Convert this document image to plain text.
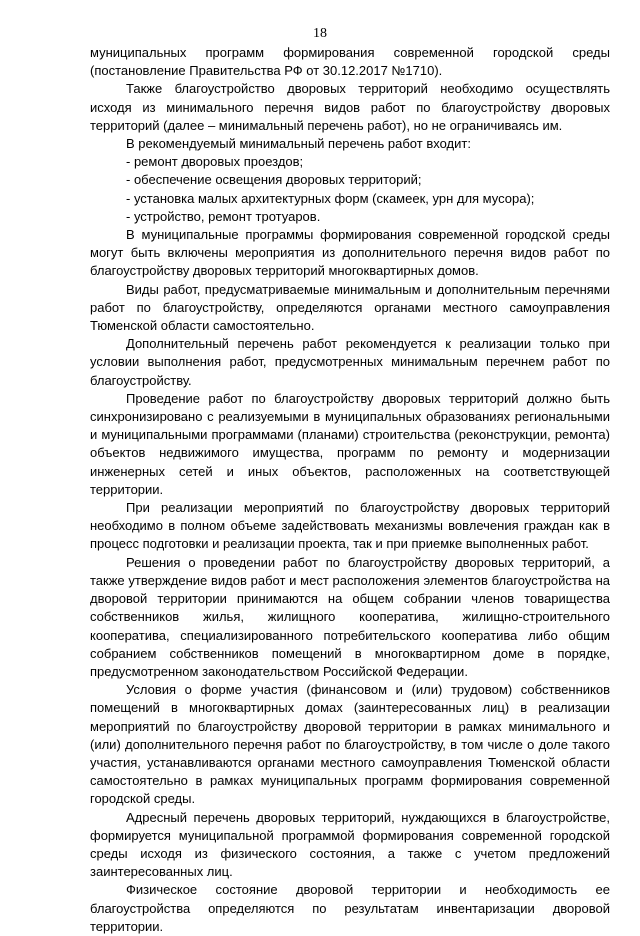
18

муниципальных программ формирования современной городской среды (постановление Правительства РФ от 30.12.2017 №1710).

Также благоустройство дворовых территорий необходимо осуществлять исходя из минимального перечня видов работ по благоустройству дворовых территорий (далее – минимальный перечень работ), но не ограничиваясь им.

В рекомендуемый минимальный перечень работ входит:

- ремонт дворовых проездов;

- обеспечение освещения дворовых территорий;

- установка малых архитектурных форм (скамеек, урн для мусора);

- устройство, ремонт тротуаров.

В муниципальные программы формирования современной городской среды могут быть включены мероприятия из дополнительного перечня видов работ по благоустройству дворовых территорий многоквартирных домов.

Виды работ, предусматриваемые минимальным и дополнительным перечнями работ по благоустройству, определяются органами местного самоуправления Тюменской области самостоятельно.

Дополнительный перечень работ рекомендуется к реализации только при условии выполнения работ, предусмотренных минимальным перечнем работ по благоустройству.

Проведение работ по благоустройству дворовых территорий должно быть синхронизировано с реализуемыми в муниципальных образованиях региональными и муниципальными программами (планами) строительства (реконструкции, ремонта) объектов недвижимого имущества, программ по ремонту и модернизации инженерных сетей и иных объектов, расположенных на соответствующей территории.

При реализации мероприятий по благоустройству дворовых территорий необходимо в полном объеме задействовать механизмы вовлечения граждан как в процесс подготовки и реализации проекта, так и при приемке выполненных работ.

Решения о проведении работ по благоустройству дворовых территорий, а также утверждение видов работ и мест расположения элементов благоустройства на дворовой территории принимаются на общем собрании членов товарищества собственников жилья, жилищного кооператива, жилищно-строительного кооператива, специализированного потребительского кооператива либо общим собранием собственников помещений в многоквартирном доме в порядке, предусмотренном законодательством Российской Федерации.

Условия о форме участия (финансовом и (или) трудовом) собственников помещений в многоквартирных домах (заинтересованных лиц) в реализации мероприятий по благоустройству дворовой территории в рамках минимального и (или) дополнительного перечня работ по благоустройству, в том числе о доле такого участия, устанавливаются органами местного самоуправления Тюменской области самостоятельно в рамках муниципальных программ формирования современной городской среды.

Адресный перечень дворовых территорий, нуждающихся в благоустройстве, формируется муниципальной программой формирования современной городской среды исходя из физического состояния, а также с учетом предложений заинтересованных лиц.

Физическое состояние дворовой территории и необходимость ее благоустройства определяются по результатам инвентаризации дворовой территории.
